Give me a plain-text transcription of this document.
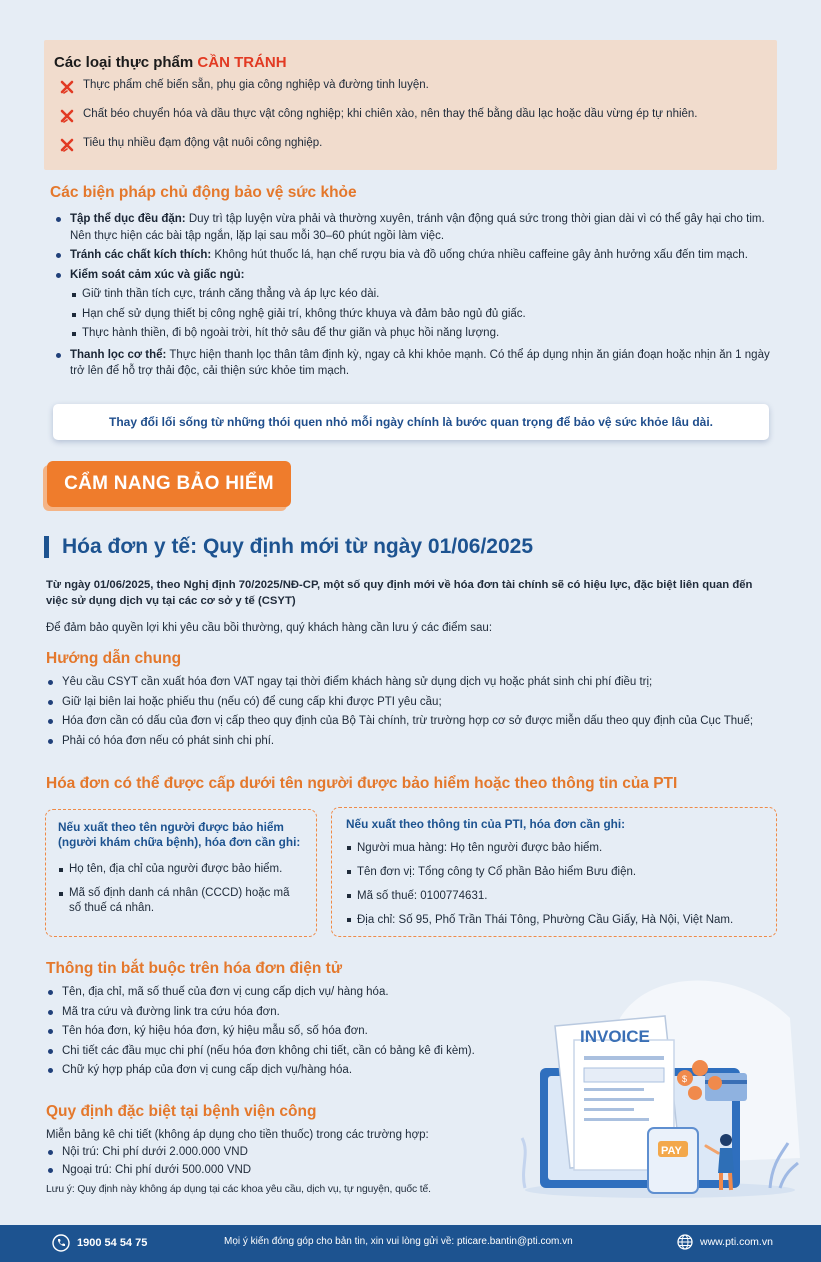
Các loại thực phẩm CẦN TRÁNH
Thực phẩm chế biến sẵn, phụ gia công nghiệp và đường tinh luyện.
Chất béo chuyển hóa và dầu thực vật công nghiệp; khi chiên xào, nên thay thế bằng dầu lạc hoặc dầu vừng ép tự nhiên.
Tiêu thụ nhiều đạm động vật nuôi công nghiệp.
Các biện pháp chủ động bảo vệ sức khỏe
Tập thể dục đều đặn: Duy trì tập luyện vừa phải và thường xuyên, tránh vận động quá sức trong thời gian dài vì có thể gây hại cho tim. Nên thực hiện các bài tập ngắn, lặp lại sau mỗi 30–60 phút ngồi làm việc.
Tránh các chất kích thích: Không hút thuốc lá, hạn chế rượu bia và đồ uống chứa nhiều caffeine gây ảnh hưởng xấu đến tim mạch.
Kiểm soát cảm xúc và giấc ngủ:
Giữ tinh thần tích cực, tránh căng thẳng và áp lực kéo dài.
Hạn chế sử dụng thiết bị công nghệ giải trí, không thức khuya và đảm bảo ngủ đủ giấc.
Thực hành thiền, đi bộ ngoài trời, hít thở sâu để thư giãn và phục hồi năng lượng.
Thanh lọc cơ thể: Thực hiện thanh lọc thân tâm định kỳ, ngay cả khi khỏe mạnh. Có thể áp dụng nhịn ăn gián đoạn hoặc nhịn ăn 1 ngày trở lên để hỗ trợ thải độc, cải thiện sức khỏe tim mạch.
Thay đổi lối sống từ những thói quen nhỏ mỗi ngày chính là bước quan trọng để bảo vệ sức khỏe lâu dài.
CẨM NANG BẢO HIỂM
Hóa đơn y tế: Quy định mới từ ngày 01/06/2025
Từ ngày 01/06/2025, theo Nghị định 70/2025/NĐ-CP, một số quy định mới về hóa đơn tài chính sẽ có hiệu lực, đặc biệt liên quan đến việc sử dụng dịch vụ tại các cơ sở y tế (CSYT)
Để đảm bảo quyền lợi khi yêu cầu bồi thường, quý khách hàng cần lưu ý các điểm sau:
Hướng dẫn chung
Yêu cầu CSYT cần xuất hóa đơn VAT ngay tại thời điểm khách hàng sử dụng dịch vụ hoặc phát sinh chi phí điều trị;
Giữ lại biên lai hoặc phiếu thu (nếu có) để cung cấp khi được PTI yêu cầu;
Hóa đơn cần có dấu của đơn vị cấp theo quy định của Bộ Tài chính, trừ trường hợp cơ sở được miễn dấu theo quy định của Cục Thuế;
Phải có hóa đơn nếu có phát sinh chi phí.
Hóa đơn có thể được cấp dưới tên người được bảo hiểm hoặc theo thông tin của PTI
Nếu xuất theo tên người được bảo hiểm
(người khám chữa bệnh), hóa đơn cần ghi:
Họ tên, địa chỉ của người được bảo hiểm.
Mã số định danh cá nhân (CCCD) hoặc mã số thuế cá nhân.
Nếu xuất theo thông tin của PTI, hóa đơn cần ghi:
Người mua hàng: Họ tên người được bảo hiểm.
Tên đơn vị: Tổng công ty Cổ phần Bảo hiểm Bưu điện.
Mã số thuế: 0100774631.
Địa chỉ: Số 95, Phố Trần Thái Tông, Phường Cầu Giấy, Hà Nội, Việt Nam.
Thông tin bắt buộc trên hóa đơn điện tử
Tên, địa chỉ, mã số thuế của đơn vị cung cấp dịch vụ/ hàng hóa.
Mã tra cứu và đường link tra cứu hóa đơn.
Tên hóa đơn, ký hiệu hóa đơn, ký hiệu mẫu số, số hóa đơn.
Chi tiết các đầu mục chi phí (nếu hóa đơn không chi tiết, cần có bảng kê đi kèm).
Chữ ký hợp pháp của đơn vị cung cấp dịch vụ/hàng hóa.
Quy định đặc biệt tại bệnh viện công
Miễn bảng kê chi tiết (không áp dụng cho tiền thuốc) trong các trường hợp:
Nội trú: Chi phí dưới 2.000.000 VND
Ngoại trú: Chi phí dưới 500.000 VND
Lưu ý: Quy định này không áp dụng tại các khoa yêu cầu, dịch vụ, tự nguyện, quốc tế.
INVOICE
PAY
$
1900 54 54 75	Mọi ý kiến đóng góp cho bản tin, xin vui lòng gửi về: pticare.bantin@pti.com.vn	www.pti.com.vn
